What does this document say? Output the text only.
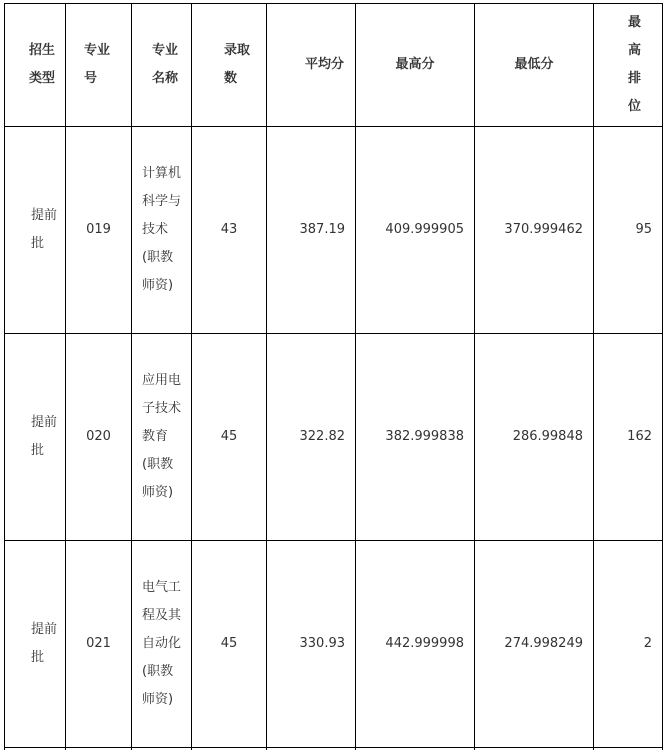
招生类型	专业号	专业名称	录取数	平均分	最高分	最低分	最高排位

提前批	019	计算机科学与技术(职教师资)	43	387.19	409.999905	370.999462	95

提前批	020	应用电子技术教育(职教师资)	45	322.82	382.999838	286.99848	162

提前批	021	电气工程及其自动化(职教师资)	45	330.93	442.999998	274.998249	2
